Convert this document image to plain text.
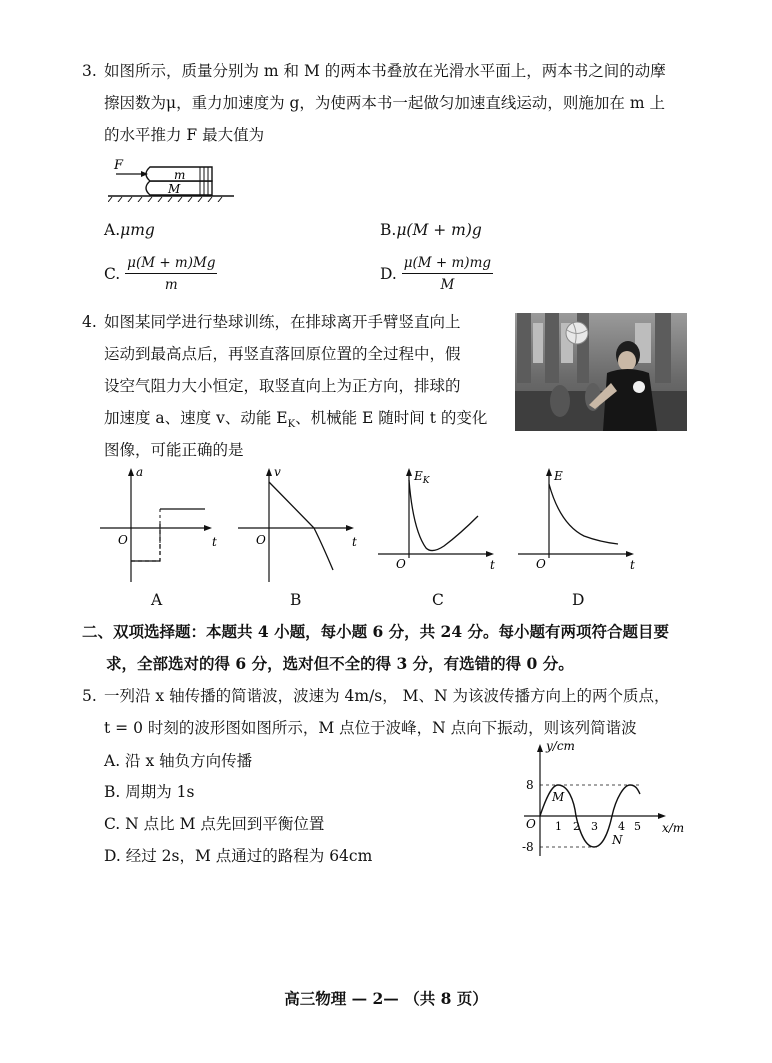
3. 如图所示，质量分别为 m 和 M 的两本书叠放在光滑水平面上，两本书之间的动摩
擦因数为μ，重力加速度为 g，为使两本书一起做匀加速直线运动，则施加在 m 上
的水平推力 F 最大值为
F
m
M
A.μmg	B.μ(M + m)g
C. $\frac{\mu(M + m)Mg}{m}$	D. $\frac{\mu(M + m)mg}{M}$
4. 如图某同学进行垫球训练，在排球离开手臂竖直向上
运动到最高点后，再竖直落回原位置的全过程中，假
设空气阻力大小恒定，取竖直向上为正方向，排球的
加速度 a、速度 v、动能 $E_K$、机械能 E 随时间 t 的变化
图像，可能正确的是
a
t
O
A
v
t
O
B
$E_K$
t
O
C
E
t
O
D
二、双项选择题：本题共 4 小题，每小题 6 分，共 24 分。每小题有两项符合题目要
求，全部选对的得 6 分，选对但不全的得 3 分，有选错的得 0 分。
5. 一列沿 x 轴传播的简谐波，波速为 4m/s， M、N 为该波传播方向上的两个质点，
t = 0 时刻的波形图如图所示，M 点位于波峰，N 点向下振动，则该列简谐波
A. 沿 x 轴负方向传播
B. 周期为 1s
C. N 点比 M 点先回到平衡位置
D. 经过 2s，M 点通过的路程为 64cm
8
-8
1 2 3 4 5
O
y/cm
x/m
M
N
高三物理 — 2— （共 8 页）
